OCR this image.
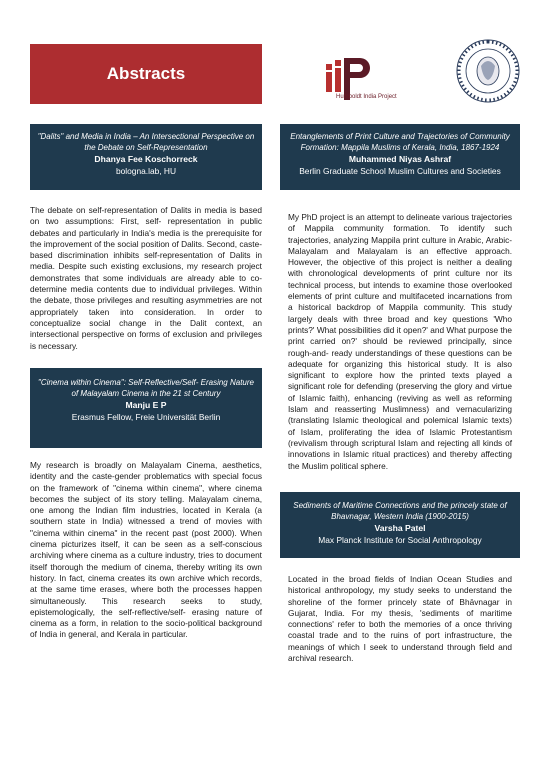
Abstracts
Humboldt India Project
"Dalits" and Media in India – An Intersectional Perspective on the Debate on Self-Representation
Dhanya Fee Koschorreck
bologna.lab, HU
The debate on self-representation of Dalits in media is based on two assumptions: First, self- representation in public debates and particularly in India's media is the prerequisite for the improvement of the social position of Dalits. Second, caste-based discrimination inhibits self-representation of Dalits in media. Despite such existing exclusions, my research project demonstrates that some individuals are already able to co-determine media contents due to individual privileges. Within the debate, those privileges and resulting asymmetries are not appropriately taken into consideration. In order to conceptualize social change in the Dalit context, an intersectional perspective on forms of exclusion and privileges is necessary.
Entanglements of Print Culture and Trajectories of Community Formation: Mappila Muslims of Kerala, India, 1867-1924
Muhammed Niyas Ashraf
Berlin Graduate School Muslim Cultures and Societies
My PhD project is an attempt to delineate various trajectories of Mappila community formation. To identify such trajectories, analyzing Mappila print culture in Arabic, Arabic-Malayalam and Malayalam is an effective approach. However, the objective of this project is neither a dealing with chronological developments of print culture nor its technical process, but intends to examine those overlooked elements of print culture and multifaceted incarnations from a historical backdrop of Mappila community. This study largely deals with three broad and key questions 'Who prints?' What possibilities did it open?' and What purpose the print carried on?' should be reviewed principally, since rough-and- ready understandings of these questions can be adequate for organizing this historical study. It is also significant to explore how the printed texts played a significant role for defending (preserving the glory and virtue of Islamic faith), enhancing (reviving as well as reforming Islam and reasserting Muslimness) and vernacularizing (translating Islamic theological and polemical Islamic texts) of Islam, proliferating the idea of Islamic Protestantism (revivalism through scriptural Islam and rejecting all kinds of innovations in Islamic ritual practices) and thereby affecting the Muslim political sphere.
"Cinema within Cinema": Self-Reflective/Self- Erasing Nature of Malayalam Cinema in the 21 st Century
Manju E P
Erasmus Fellow, Freie Universität Berlin
My research is broadly on Malayalam Cinema, aesthetics, identity and the caste-gender problematics with special focus on the framework of "cinema within cinema", where cinema becomes the subject of its story telling. Malayalam cinema, one among the Indian film industries, located in Kerala (a southern state in India) witnessed a trend of movies with "cinema within cinema" in the recent past (post 2000). When cinema picturizes itself, it can be seen as a self-conscious archiving where cinema as a culture industry, tries to document itself thorough the medium of cinema, thereby writing its own history. In fact, cinema creates its own archive which records, at the same time erases, where both the processes happen simultaneously. This research seeks to study, epistemologically, the self-reflective/self- erasing nature of cinema as a form, in relation to the socio-political background of India in general, and Kerala in particular.
Sediments of Maritime Connections and the princely state of Bhavnagar, Western India (1900-2015)
Varsha Patel
Max Planck Institute for Social Anthropology
Located in the broad fields of Indian Ocean Studies and historical anthropology, my study seeks to understand the shoreline of the former princely state of Bhāvnagar in Gujarat, India. For my thesis, 'sediments of maritime connections' refer to both the memories of a once thriving coastal trade and to the ruins of port infrastructure, the meanings of which I seek to understand through field and archival research.
